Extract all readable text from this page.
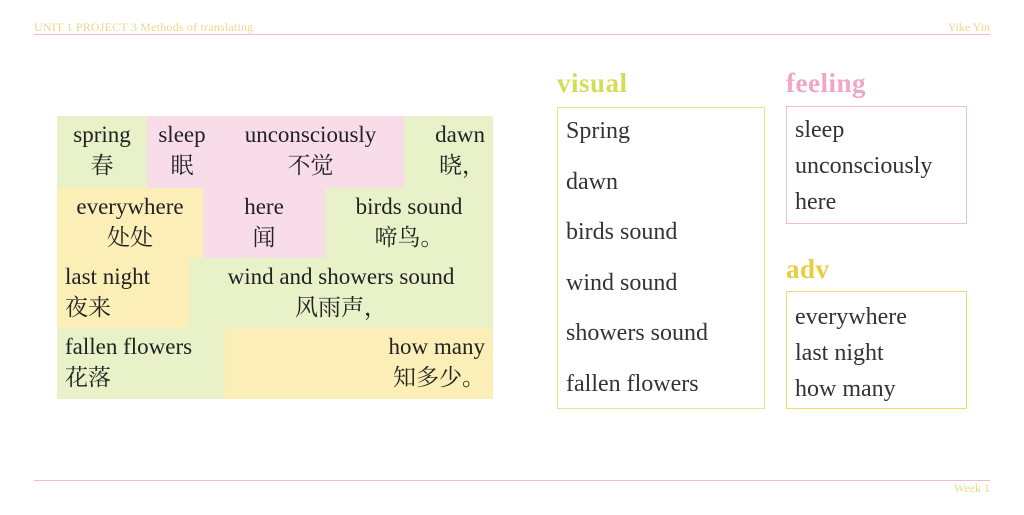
UNIT 1 PROJECT 3 Methods of translating	Yike Yin
spring
春
sleep
眠
unconsciously
不觉
dawn
晓，
everywhere
处处
here
闻
birds sound
啼鸟。
last night
夜来
wind and showers sound
风雨声，
fallen flowers
花落
how many
知多少。
visual
Spring
dawn
birds sound
wind sound
showers sound
fallen flowers
feeling
sleep
unconsciously
here
adv
everywhere
last night
how many
Week 1
